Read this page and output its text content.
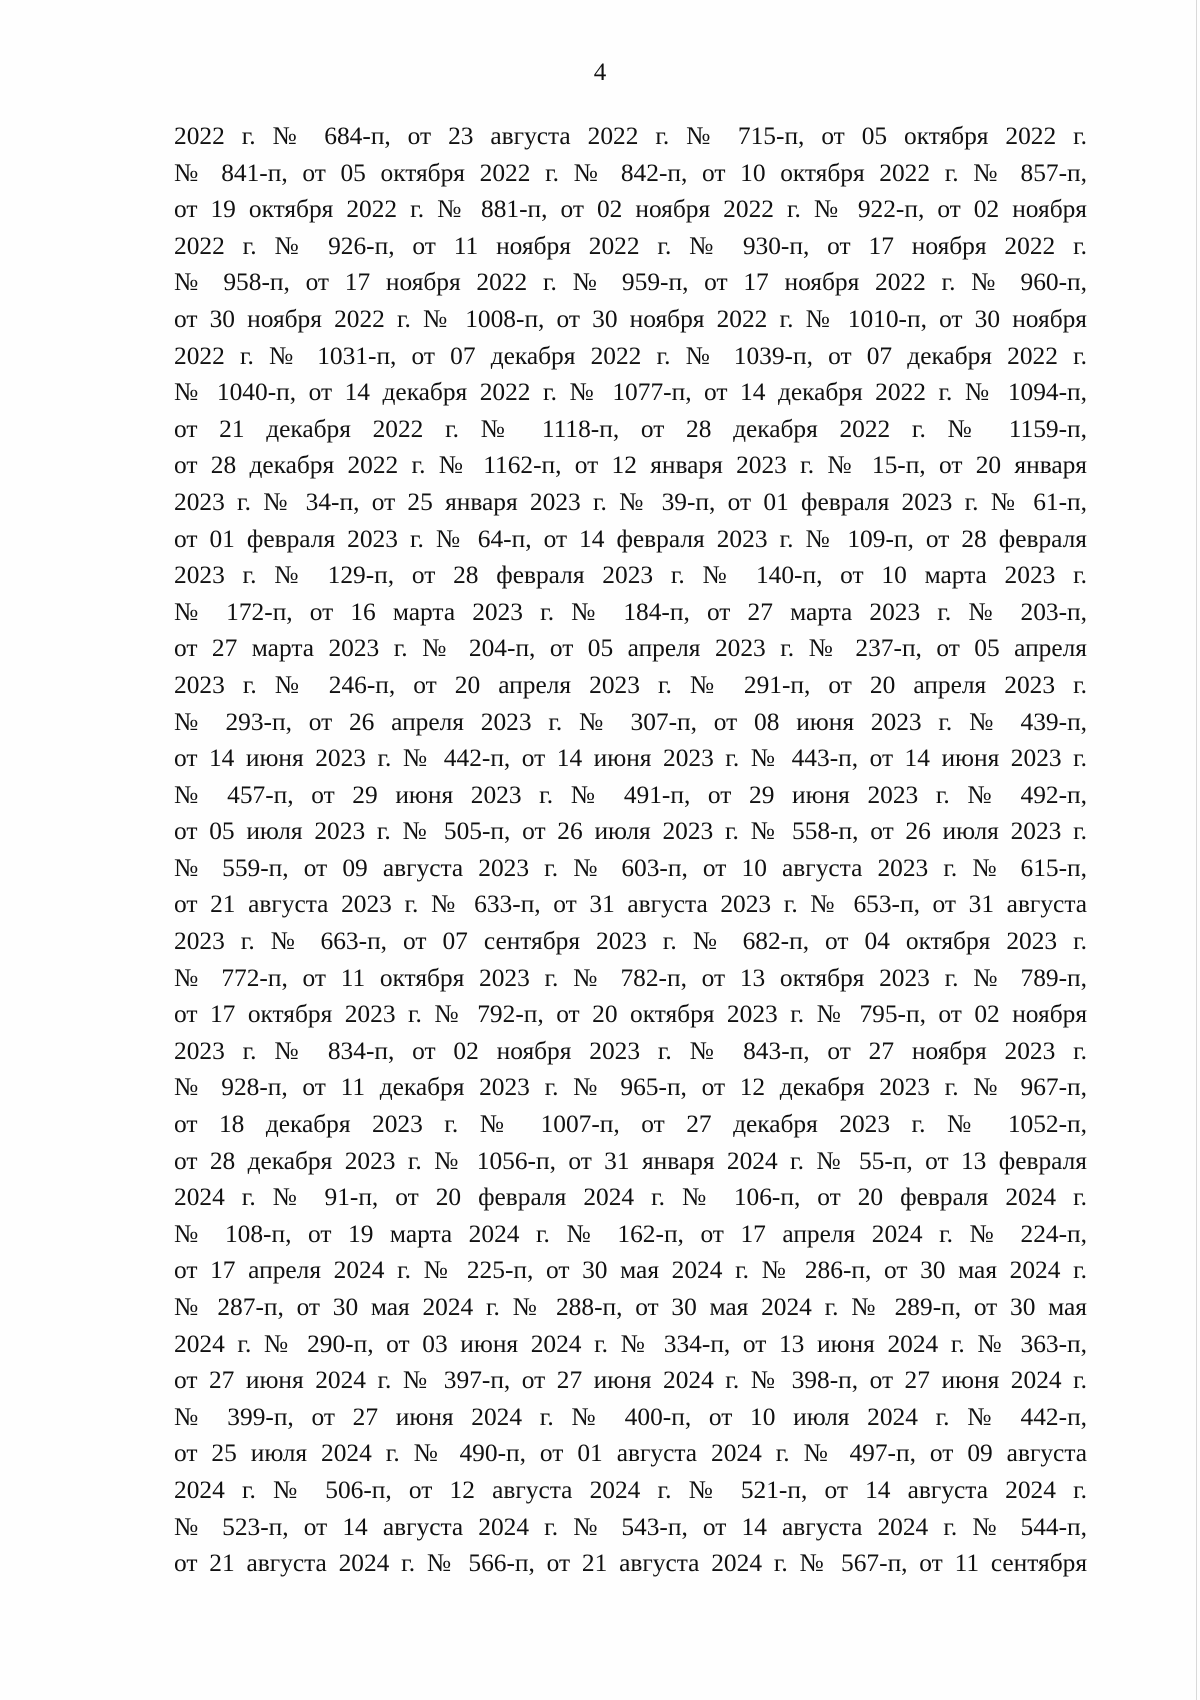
4
2022 г. № 684-п, от 23 августа 2022 г. № 715-п, от 05 октября 2022 г.
№ 841-п, от 05 октября 2022 г. № 842-п, от 10 октября 2022 г. № 857-п,
от 19 октября 2022 г. № 881-п, от 02 ноября 2022 г. № 922-п, от 02 ноября
2022 г. № 926-п, от 11 ноября 2022 г. № 930-п, от 17 ноября 2022 г.
№ 958-п, от 17 ноября 2022 г. № 959-п, от 17 ноября 2022 г. № 960-п,
от 30 ноября 2022 г. № 1008-п, от 30 ноября 2022 г. № 1010-п, от 30 ноября
2022 г. № 1031-п, от 07 декабря 2022 г. № 1039-п, от 07 декабря 2022 г.
№ 1040-п, от 14 декабря 2022 г. № 1077-п, от 14 декабря 2022 г. № 1094-п,
от 21 декабря 2022 г. № 1118-п, от 28 декабря 2022 г. № 1159-п,
от 28 декабря 2022 г. № 1162-п, от 12 января 2023 г. № 15-п, от 20 января
2023 г. № 34-п, от 25 января 2023 г. № 39-п, от 01 февраля 2023 г. № 61-п,
от 01 февраля 2023 г. № 64-п, от 14 февраля 2023 г. № 109-п, от 28 февраля
2023 г. № 129-п, от 28 февраля 2023 г. № 140-п, от 10 марта 2023 г.
№ 172-п, от 16 марта 2023 г. № 184-п, от 27 марта 2023 г. № 203-п,
от 27 марта 2023 г. № 204-п, от 05 апреля 2023 г. № 237-п, от 05 апреля
2023 г. № 246-п, от 20 апреля 2023 г. № 291-п, от 20 апреля 2023 г.
№ 293-п, от 26 апреля 2023 г. № 307-п, от 08 июня 2023 г. № 439-п,
от 14 июня 2023 г. № 442-п, от 14 июня 2023 г. № 443-п, от 14 июня 2023 г.
№ 457-п, от 29 июня 2023 г. № 491-п, от 29 июня 2023 г. № 492-п,
от 05 июля 2023 г. № 505-п, от 26 июля 2023 г. № 558-п, от 26 июля 2023 г.
№ 559-п, от 09 августа 2023 г. № 603-п, от 10 августа 2023 г. № 615-п,
от 21 августа 2023 г. № 633-п, от 31 августа 2023 г. № 653-п, от 31 августа
2023 г. № 663-п, от 07 сентября 2023 г. № 682-п, от 04 октября 2023 г.
№ 772-п, от 11 октября 2023 г. № 782-п, от 13 октября 2023 г. № 789-п,
от 17 октября 2023 г. № 792-п, от 20 октября 2023 г. № 795-п, от 02 ноября
2023 г. № 834-п, от 02 ноября 2023 г. № 843-п, от 27 ноября 2023 г.
№ 928-п, от 11 декабря 2023 г. № 965-п, от 12 декабря 2023 г. № 967-п,
от 18 декабря 2023 г. № 1007-п, от 27 декабря 2023 г. № 1052-п,
от 28 декабря 2023 г. № 1056-п, от 31 января 2024 г. № 55-п, от 13 февраля
2024 г. № 91-п, от 20 февраля 2024 г. № 106-п, от 20 февраля 2024 г.
№ 108-п, от 19 марта 2024 г. № 162-п, от 17 апреля 2024 г. № 224-п,
от 17 апреля 2024 г. № 225-п, от 30 мая 2024 г. № 286-п, от 30 мая 2024 г.
№ 287-п, от 30 мая 2024 г. № 288-п, от 30 мая 2024 г. № 289-п, от 30 мая
2024 г. № 290-п, от 03 июня 2024 г. № 334-п, от 13 июня 2024 г. № 363-п,
от 27 июня 2024 г. № 397-п, от 27 июня 2024 г. № 398-п, от 27 июня 2024 г.
№ 399-п, от 27 июня 2024 г. № 400-п, от 10 июля 2024 г. № 442-п,
от 25 июля 2024 г. № 490-п, от 01 августа 2024 г. № 497-п, от 09 августа
2024 г. № 506-п, от 12 августа 2024 г. № 521-п, от 14 августа 2024 г.
№ 523-п, от 14 августа 2024 г. № 543-п, от 14 августа 2024 г. № 544-п,
от 21 августа 2024 г. № 566-п, от 21 августа 2024 г. № 567-п, от 11 сентября
